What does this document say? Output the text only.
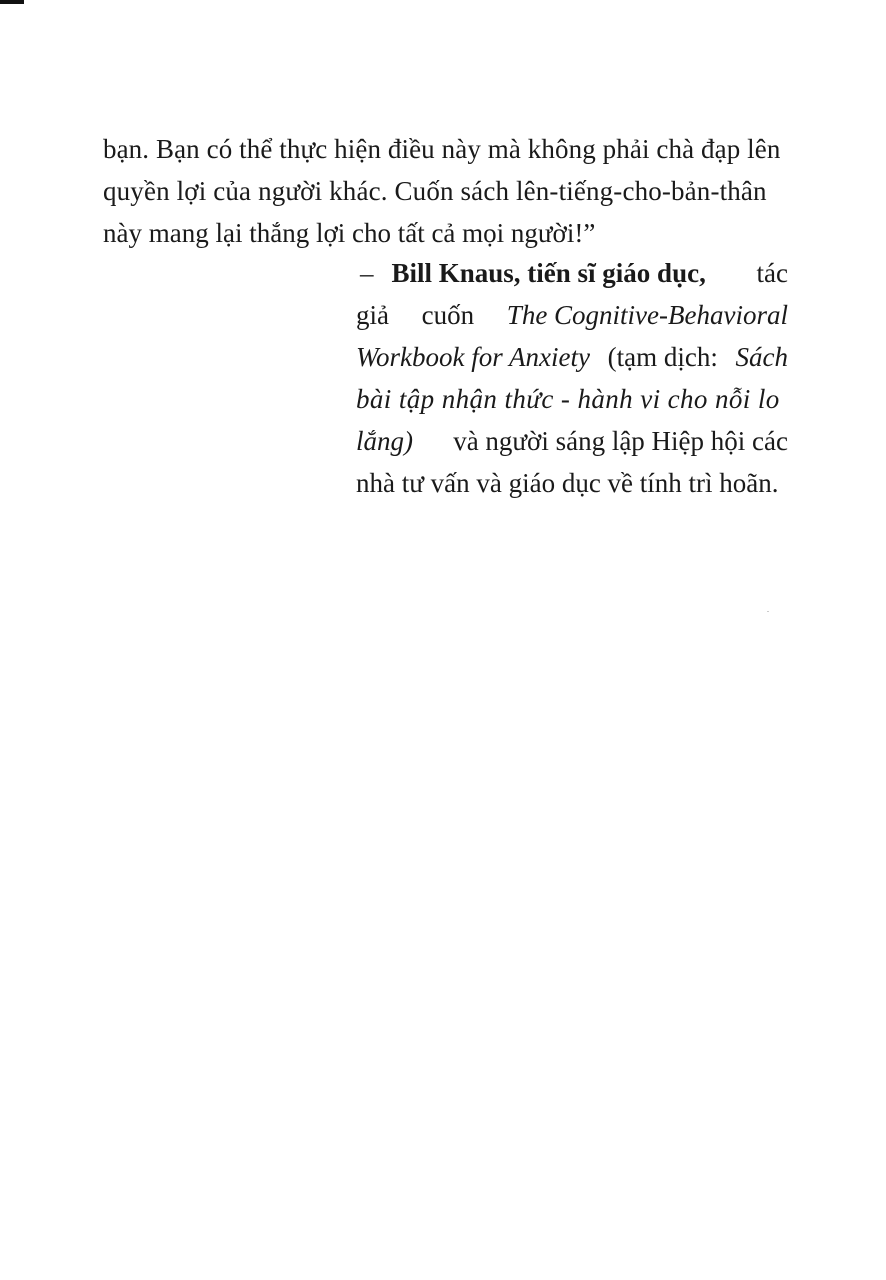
bạn. Bạn có thể thực hiện điều này mà không phải chà đạp lên
quyền lợi của người khác. Cuốn sách lên-tiếng-cho-bản-thân
này mang lại thắng lợi cho tất cả mọi người!”
– Bill Knaus, tiến sĩ giáo dục, tác
giả cuốn The Cognitive-Behavioral
Workbook for Anxiety (tạm dịch: Sách
bài tập nhận thức - hành vi cho nỗi lo
lắng) và người sáng lập Hiệp hội các
nhà tư vấn và giáo dục về tính trì hoãn.
